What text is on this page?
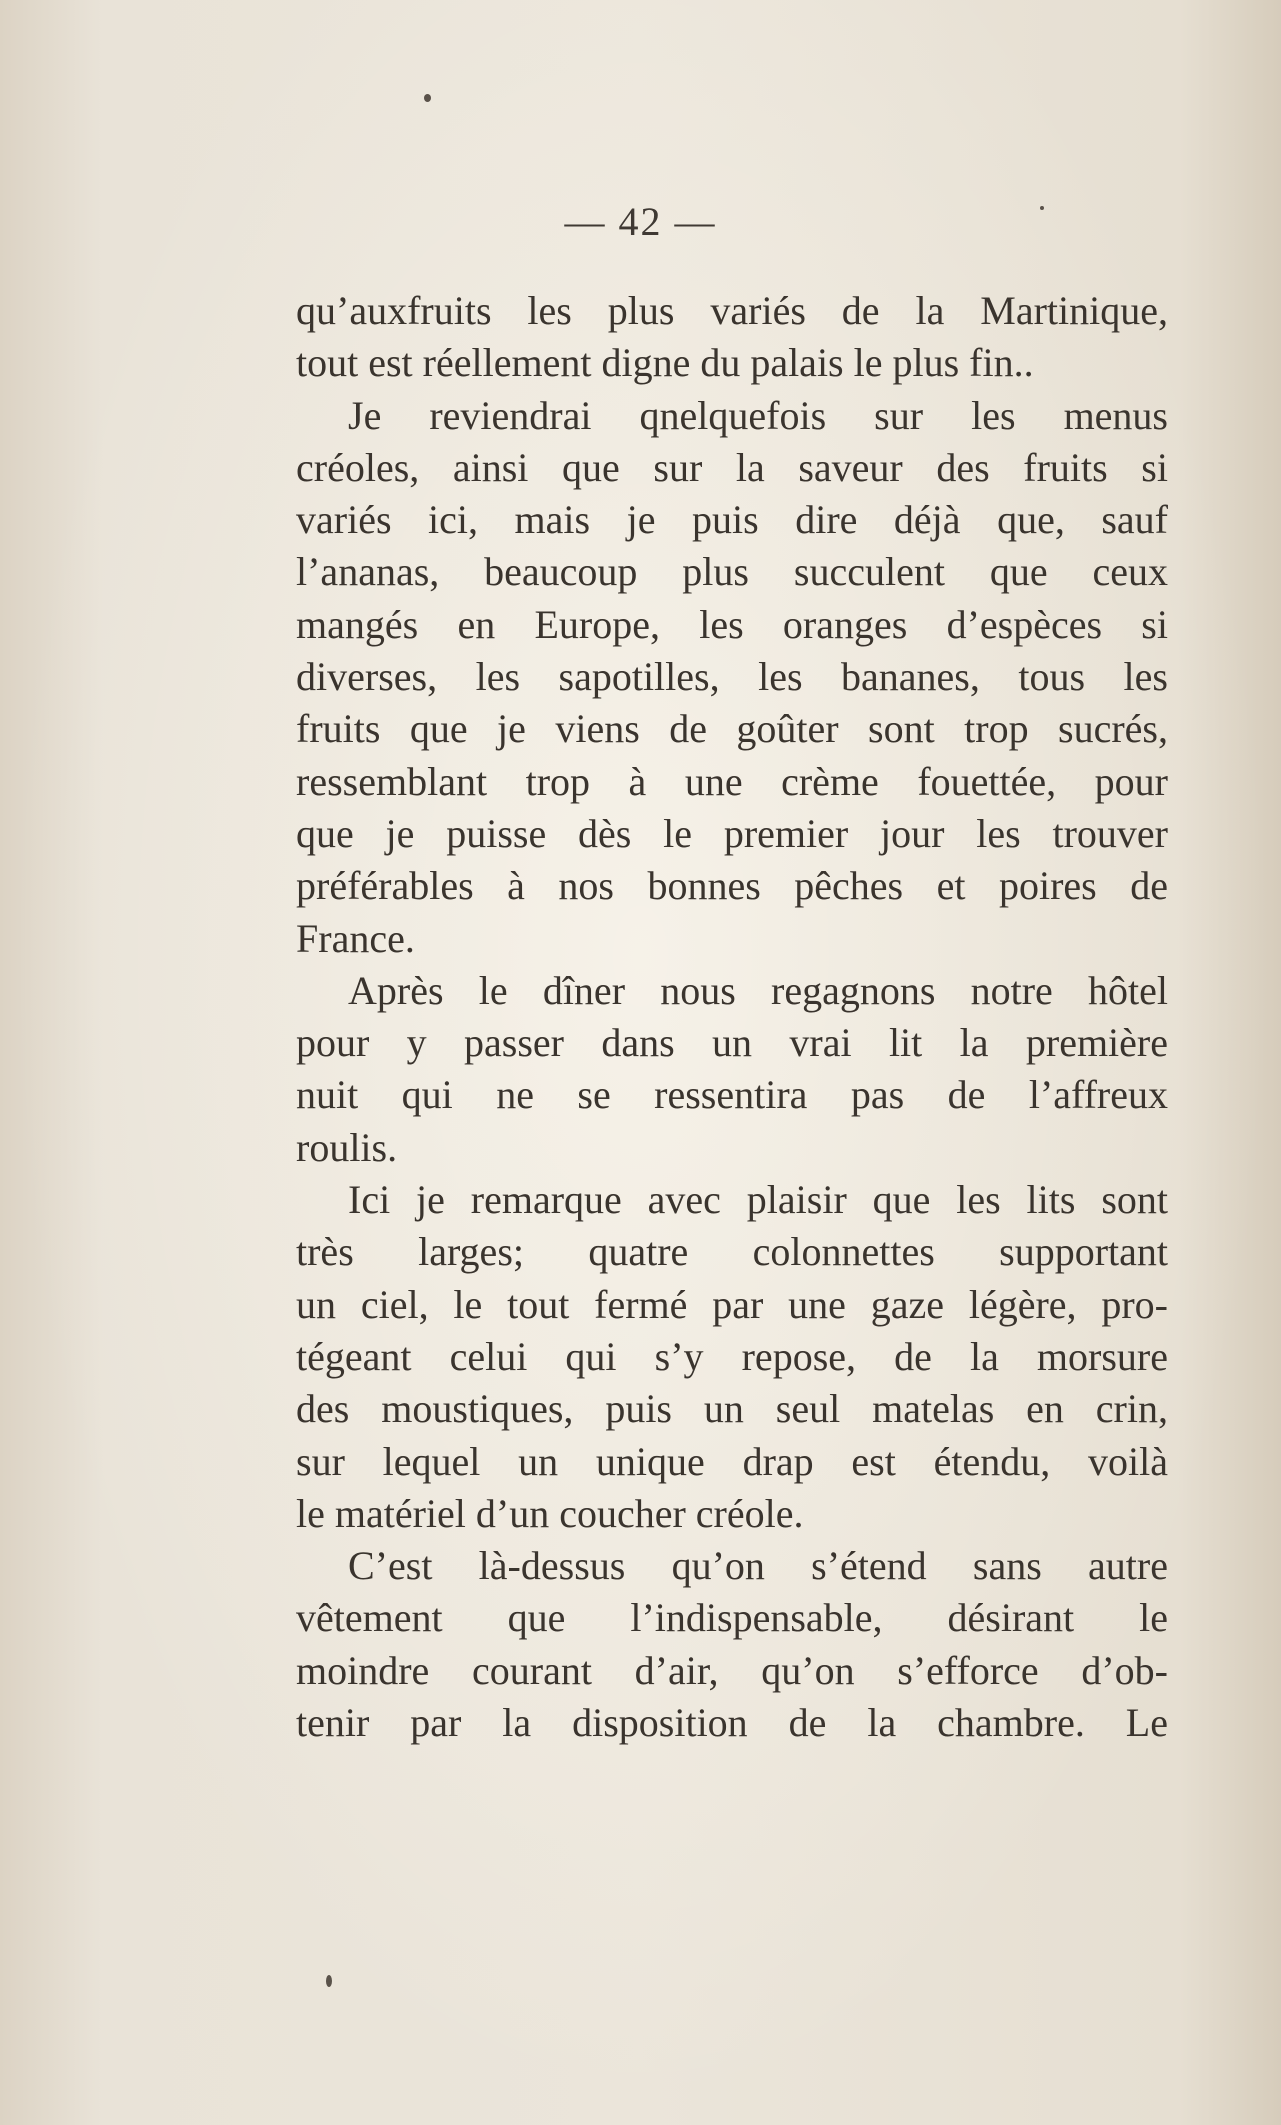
— 42 —
qu’auxfruits les plus variés de la Martinique,
tout est réellement digne du palais le plus fin..
Je reviendrai qnelquefois sur les menus
créoles, ainsi que sur la saveur des fruits si
variés ici, mais je puis dire déjà que, sauf
l’ananas, beaucoup plus succulent que ceux
mangés en Europe, les oranges d’espèces si
diverses, les sapotilles, les bananes, tous les
fruits que je viens de goûter sont trop sucrés,
ressemblant trop à une crème fouettée, pour
que je puisse dès le premier jour les trouver
préférables à nos bonnes pêches et poires de
France.
Après le dîner nous regagnons notre hôtel
pour y passer dans un vrai lit la première
nuit qui ne se ressentira pas de l’affreux
roulis.
Ici je remarque avec plaisir que les lits sont
très larges; quatre colonnettes supportant
un ciel, le tout fermé par une gaze légère, pro-
tégeant celui qui s’y repose, de la morsure
des moustiques, puis un seul matelas en crin,
sur lequel un unique drap est étendu, voilà
le matériel d’un coucher créole.
C’est là-dessus qu’on s’étend sans autre
vêtement que l’indispensable, désirant le
moindre courant d’air, qu’on s’efforce d’ob-
tenir par la disposition de la chambre. Le
